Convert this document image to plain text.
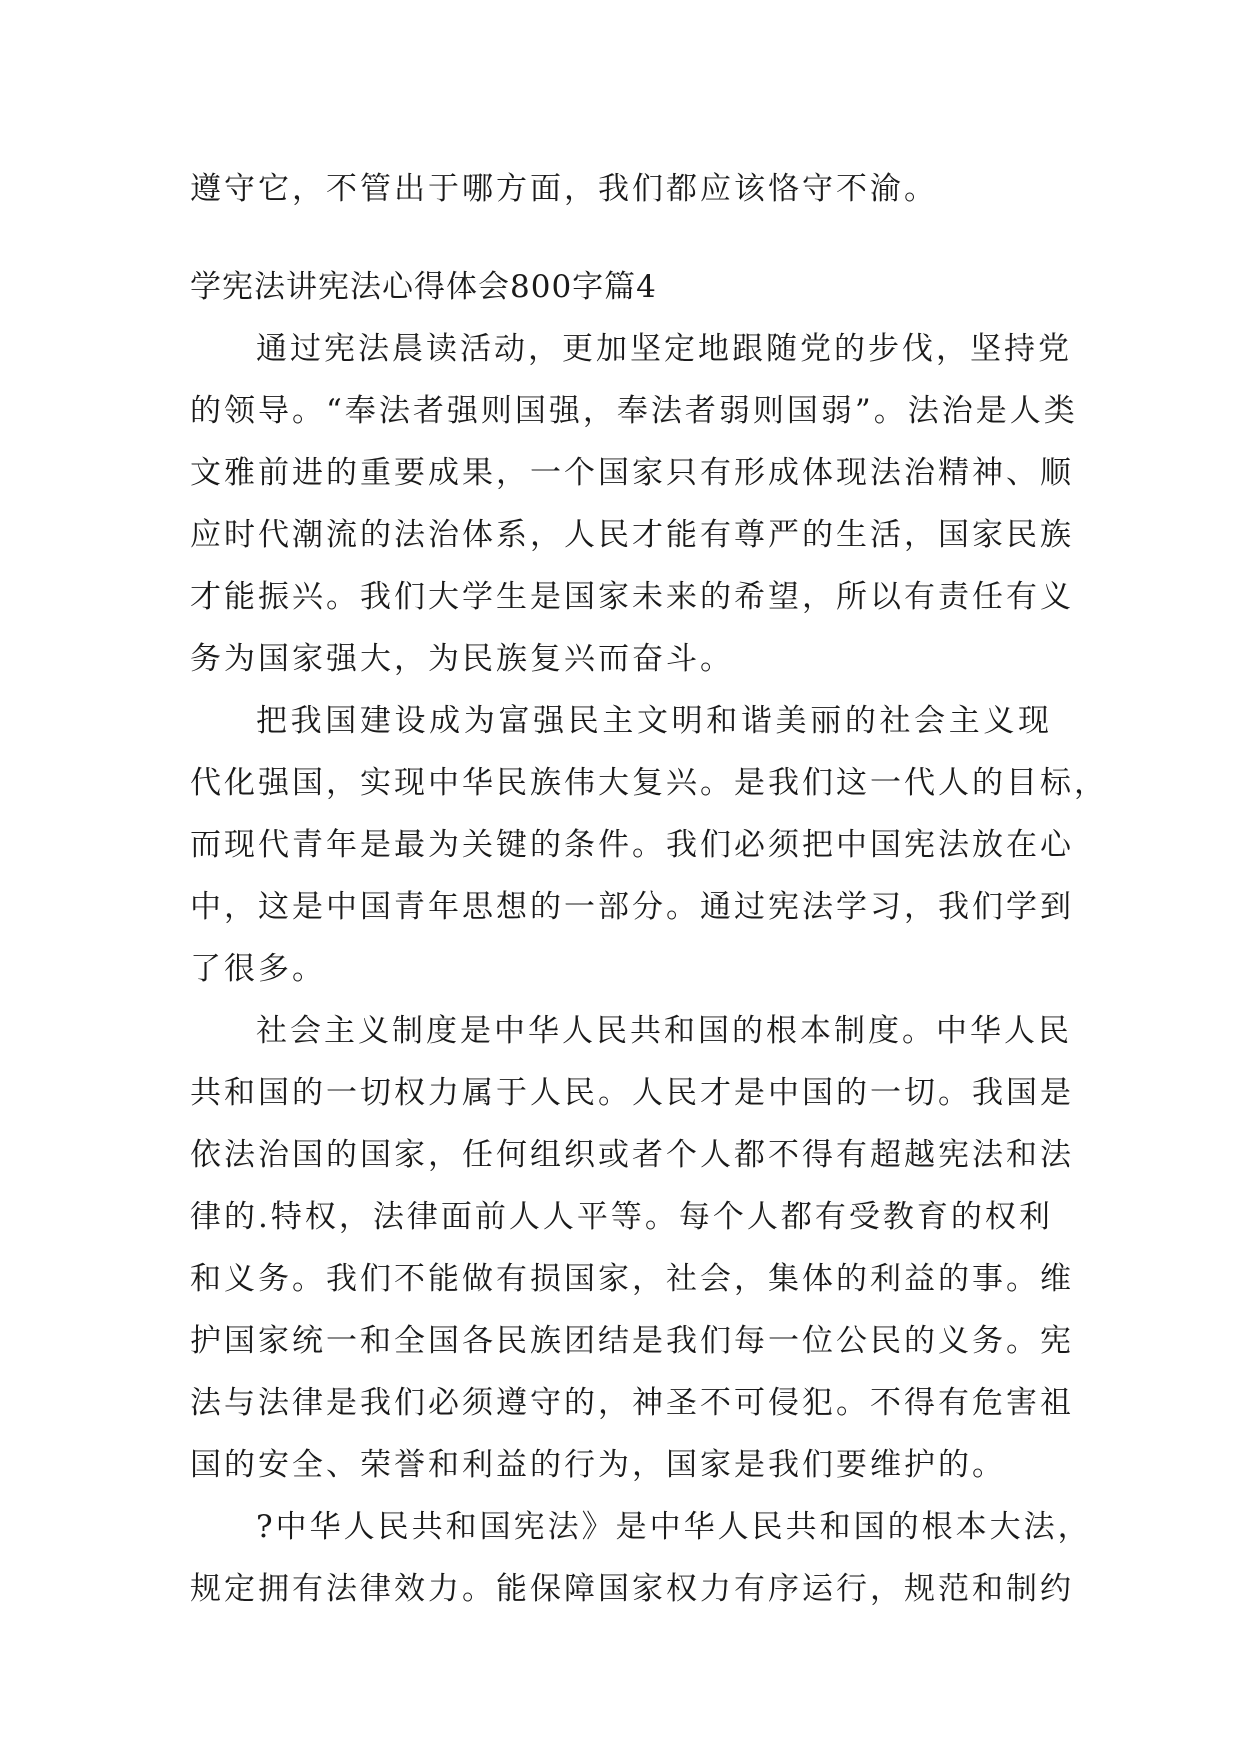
遵守它，不管出于哪方面，我们都应该恪守不渝。
学宪法讲宪法心得体会800字篇4
通过宪法晨读活动，更加坚定地跟随党的步伐，坚持党
的领导。“奉法者强则国强，奉法者弱则国弱”。法治是人类
文雅前进的重要成果，一个国家只有形成体现法治精神、顺
应时代潮流的法治体系，人民才能有尊严的生活，国家民族
才能振兴。我们大学生是国家未来的希望，所以有责任有义
务为国家强大，为民族复兴而奋斗。
把我国建设成为富强民主文明和谐美丽的社会主义现
代化强国，实现中华民族伟大复兴。是我们这一代人的目标，
而现代青年是最为关键的条件。我们必须把中国宪法放在心
中，这是中国青年思想的一部分。通过宪法学习，我们学到
了很多。
社会主义制度是中华人民共和国的根本制度。中华人民
共和国的一切权力属于人民。人民才是中国的一切。我国是
依法治国的国家，任何组织或者个人都不得有超越宪法和法
律的.特权，法律面前人人平等。每个人都有受教育的权利
和义务。我们不能做有损国家，社会，集体的利益的事。维
护国家统一和全国各民族团结是我们每一位公民的义务。宪
法与法律是我们必须遵守的，神圣不可侵犯。不得有危害祖
国的安全、荣誉和利益的行为，国家是我们要维护的。
?中华人民共和国宪法》是中华人民共和国的根本大法，
规定拥有法律效力。能保障国家权力有序运行，规范和制约
